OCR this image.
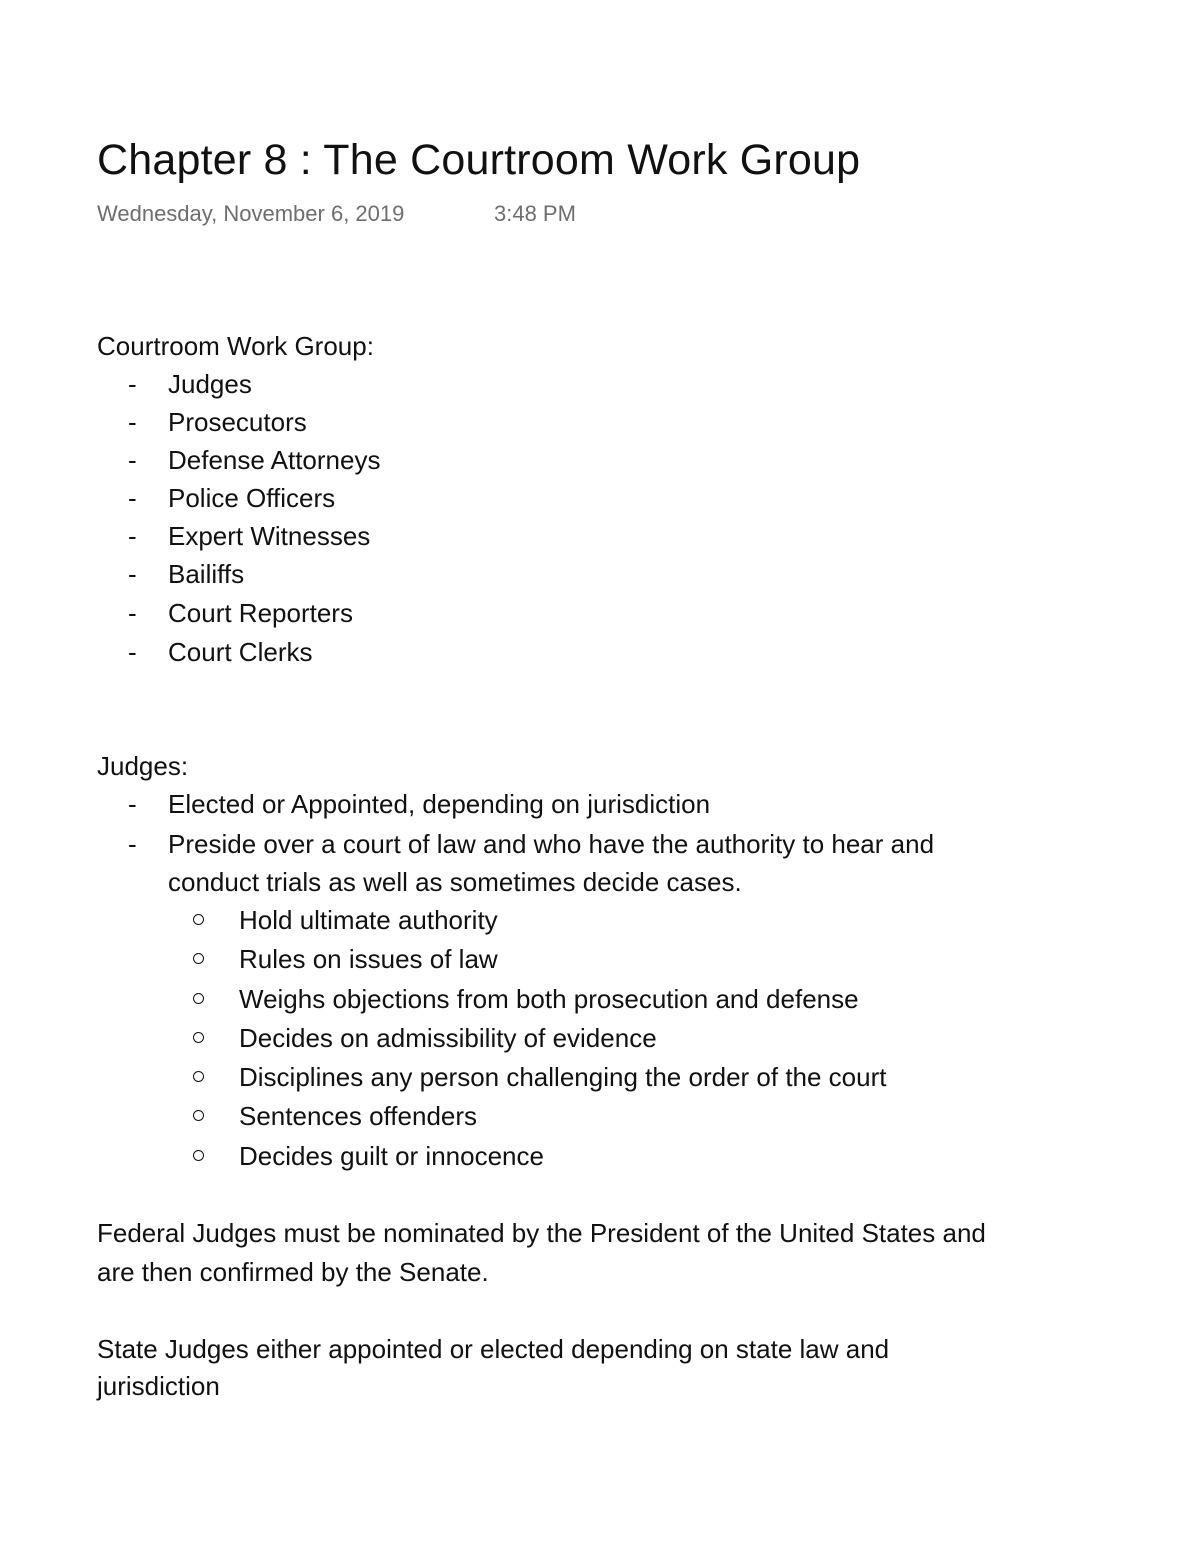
Chapter 8 : The Courtroom Work Group
Wednesday, November 6, 2019	3:48 PM
Courtroom Work Group:
- Judges
- Prosecutors
- Defense Attorneys
- Police Officers
- Expert Witnesses
- Bailiffs
- Court Reporters
- Court Clerks
Judges:
- Elected or Appointed, depending on jurisdiction
- Preside over a court of law and who have the authority to hear and
conduct trials as well as sometimes decide cases.
Hold ultimate authority
Rules on issues of law
Weighs objections from both prosecution and defense
Decides on admissibility of evidence
Disciplines any person challenging the order of the court
Sentences offenders
Decides guilt or innocence
Federal Judges must be nominated by the President of the United States and
are then confirmed by the Senate.
State Judges either appointed or elected depending on state law and
jurisdiction
